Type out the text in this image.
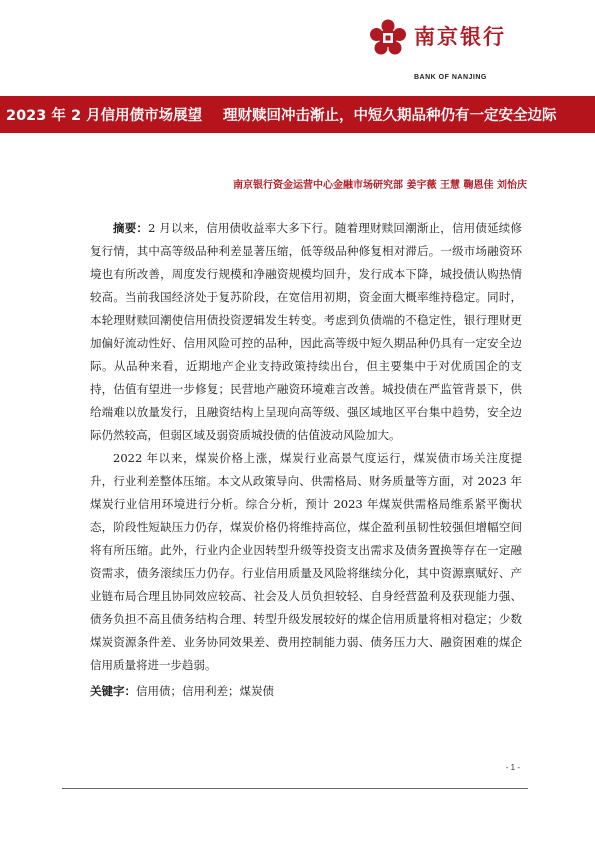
南京银行
BANK OF NANJING
2023 年 2 月信用债市场展望 理财赎回冲击渐止，中短久期品种仍有一定安全边际
南京银行资金运营中心金融市场研究部 姜宇薇 王慧 鞠恩佳 刘怡庆

摘要：2 月以来，信用债收益率大多下行。随着理财赎回潮渐止，信用债延续修复行情，其中高等级品种利差显著压缩，低等级品种修复相对滞后。一级市场融资环境也有所改善，周度发行规模和净融资规模均回升，发行成本下降，城投债认购热情较高。当前我国经济处于复苏阶段，在宽信用初期，资金面大概率维持稳定。同时，本轮理财赎回潮使信用债投资逻辑发生转变。考虑到负债端的不稳定性，银行理财更加偏好流动性好、信用风险可控的品种，因此高等级中短久期品种仍具有一定安全边际。从品种来看，近期地产企业支持政策持续出台，但主要集中于对优质国企的支持，估值有望进一步修复；民营地产融资环境难言改善。城投债在严监管背景下，供给端难以放量发行，且融资结构上呈现向高等级、强区域地区平台集中趋势，安全边际仍然较高，但弱区域及弱资质城投债的估值波动风险加大。

2022 年以来，煤炭价格上涨，煤炭行业高景气度运行，煤炭债市场关注度提升，行业利差整体压缩。本文从政策导向、供需格局、财务质量等方面，对 2023 年煤炭行业信用环境进行分析。综合分析，预计 2023 年煤炭供需格局维系紧平衡状态，阶段性短缺压力仍存，煤炭价格仍将维持高位，煤企盈利虽韧性较强但增幅空间将有所压缩。此外，行业内企业因转型升级等投资支出需求及债务置换等存在一定融资需求，债务滚续压力仍存。行业信用质量及风险将继续分化，其中资源禀赋好、产业链布局合理且协同效应较高、社会及人员负担较轻、自身经营盈利及获现能力强、债务负担不高且债务结构合理、转型升级发展较好的煤企信用质量将相对稳定；少数煤炭资源条件差、业务协同效果差、费用控制能力弱、债务压力大、融资困难的煤企信用质量将进一步趋弱。

关键字：信用债；信用利差；煤炭债

- 1 -
